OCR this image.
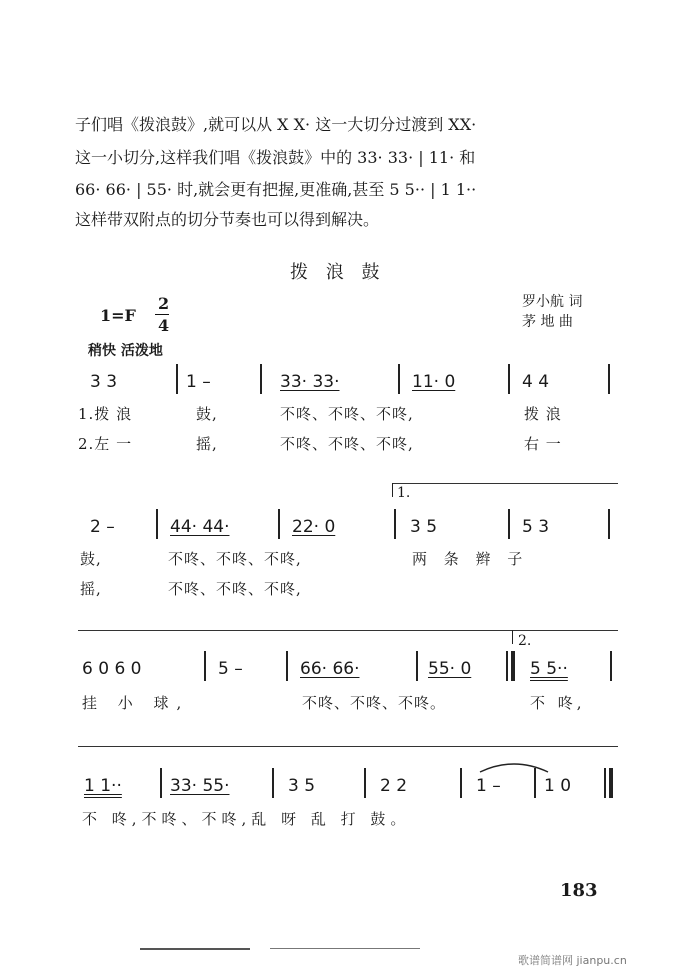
子们唱《拨浪鼓》,就可以从 X X· 这一大切分过渡到 XX·
这一小切分,这样我们唱《拨浪鼓》中的 33· 33· | 11· 和
66· 66· | 55· 时,就会更有把握,更准确,甚至 5 5·· | 1 1··
这样带双附点的切分节奏也可以得到解决。
拨 浪 鼓
罗小航 词
茅 地 曲
1=F
2
4
稍快 活泼地
3 3	1 –	33· 33·	11· 0	4 4
1.拨 浪	鼓,	不咚、不咚、不咚,	拨 浪
2.左 一	摇,	不咚、不咚、不咚,	右 一
1.
2 –	44· 44·	22· 0	3 5	5 3
鼓,	不咚、不咚、不咚,	两 条 辫 子
摇,	不咚、不咚、不咚,
2.
6 0 6 0	5 –	66· 66·	55· 0	5 5··
挂 小 球,	不咚、不咚、不咚。	不 咚,
1 1··	33· 55·	3 5	2 2	1 –	1 0
不 咚,不咚、不咚,乱 呀 乱 打 鼓。
183
歌谱简谱网 jianpu.cn
